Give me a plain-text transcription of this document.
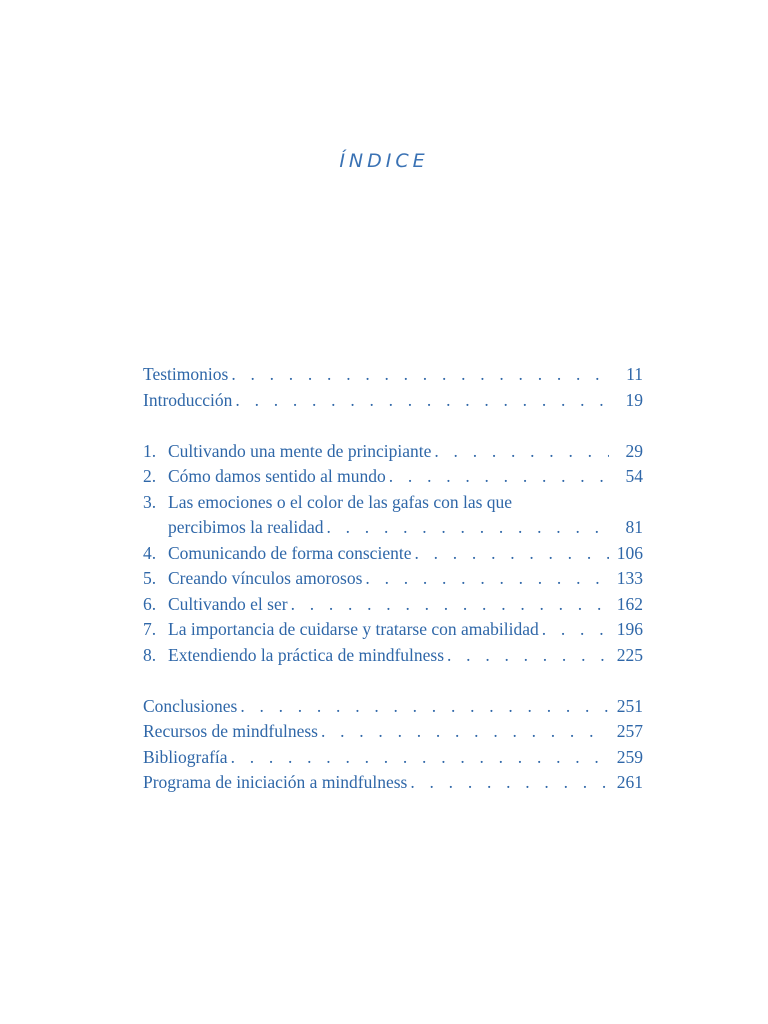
ÍNDICE
Testimonios . . .	11
Introducción . . .	19
1. Cultivando una mente de principiante . . .	29
2. Cómo damos sentido al mundo . . .	54
3. Las emociones o el color de las gafas con las que
percibimos la realidad . . .	81
4. Comunicando de forma consciente . . .	106
5. Creando vínculos amorosos . . .	133
6. Cultivando el ser . . .	162
7. La importancia de cuidarse y tratarse con amabilidad . . .	196
8. Extendiendo la práctica de mindfulness . . .	225
Conclusiones . . .	251
Recursos de mindfulness . . .	257
Bibliografía . . .	259
Programa de iniciación a mindfulness . . .	261
